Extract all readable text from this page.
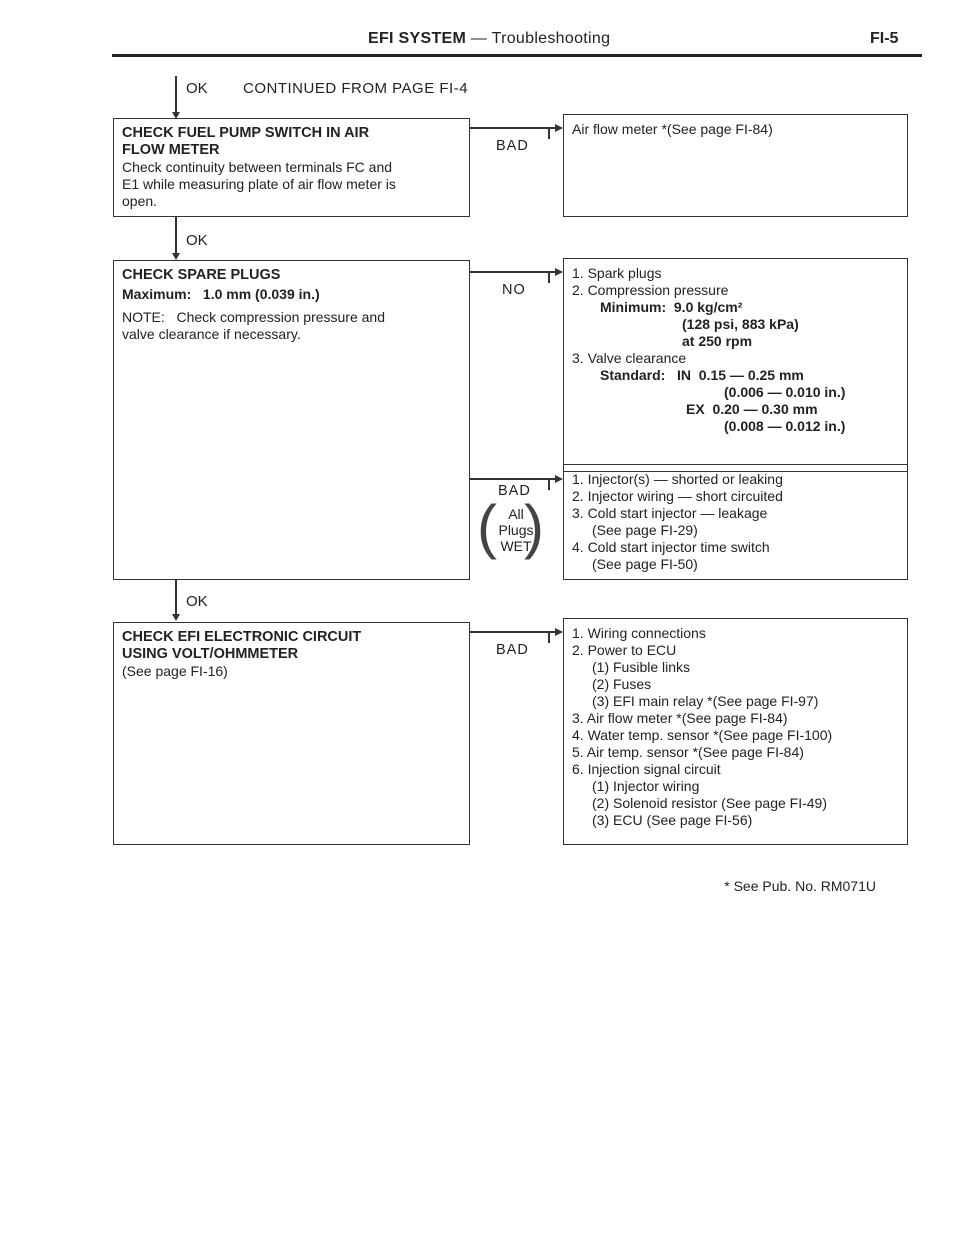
EFI SYSTEM — Troubleshooting	FI-5
OK CONTINUED FROM PAGE FI-4
CHECK FUEL PUMP SWITCH IN AIR
FLOW METER
Check continuity between terminals FC and
E1 while measuring plate of air flow meter is
open.
BAD
Air flow meter *(See page FI-84)
OK
CHECK SPARE PLUGS
Maximum: 1.0 mm (0.039 in.)
NOTE: Check compression pressure and
valve clearance if necessary.
NO
1. Spark plugs
2. Compression pressure
Minimum: 9.0 kg/cm²
(128 psi, 883 kPa)
at 250 rpm
3. Valve clearance
Standard: IN 0.15 — 0.25 mm
(0.006 — 0.010 in.)
EX 0.20 — 0.30 mm
(0.008 — 0.012 in.)
BAD
( )
All
Plugs
WET
1. Injector(s) — shorted or leaking
2. Injector wiring — short circuited
3. Cold start injector — leakage
(See page FI-29)
4. Cold start injector time switch
(See page FI-50)
OK
CHECK EFI ELECTRONIC CIRCUIT
USING VOLT/OHMMETER
(See page FI-16)
BAD
1. Wiring connections
2. Power to ECU
(1) Fusible links
(2) Fuses
(3) EFI main relay *(See page FI-97)
3. Air flow meter *(See page FI-84)
4. Water temp. sensor *(See page FI-100)
5. Air temp. sensor *(See page FI-84)
6. Injection signal circuit
(1) Injector wiring
(2) Solenoid resistor (See page FI-49)
(3) ECU (See page FI-56)
* See Pub. No. RM071U
